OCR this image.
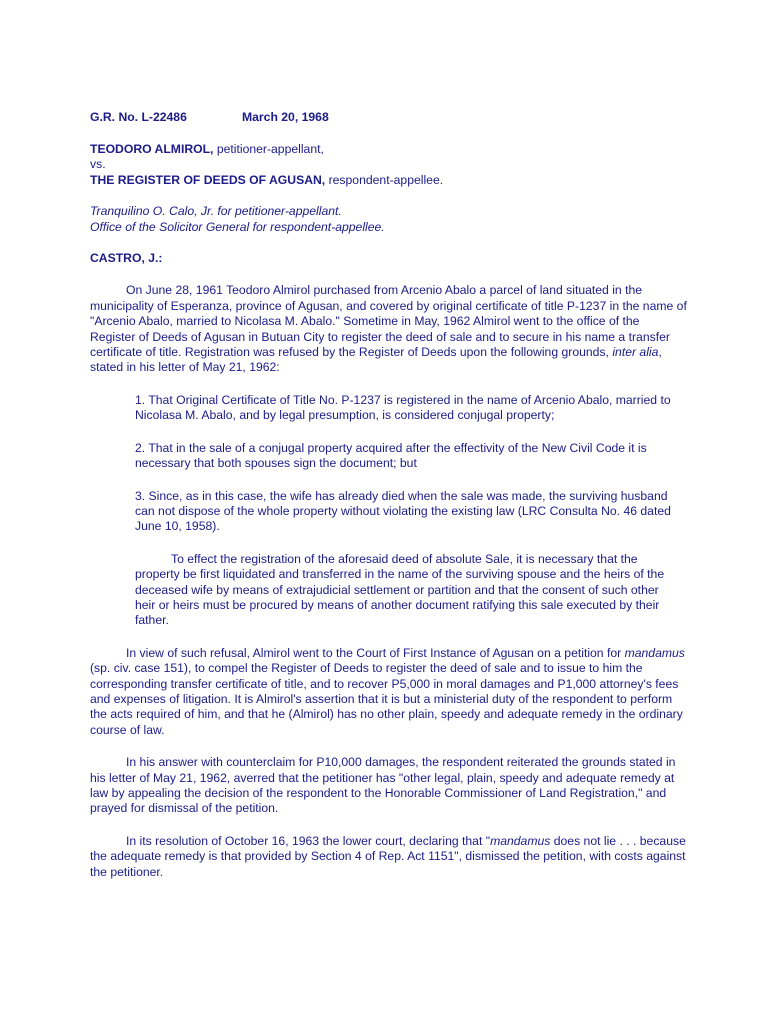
G.R. No. L-22486	March 20, 1968

TEODORO ALMIROL, petitioner-appellant,

vs.

THE REGISTER OF DEEDS OF AGUSAN, respondent-appellee.

Tranquilino O. Calo, Jr. for petitioner-appellant.

Office of the Solicitor General for respondent-appellee.

CASTRO, J.:

On June 28, 1961 Teodoro Almirol purchased from Arcenio Abalo a parcel of land situated in the municipality of Esperanza, province of Agusan, and covered by original certificate of title P-1237 in the name of "Arcenio Abalo, married to Nicolasa M. Abalo." Sometime in May, 1962 Almirol went to the office of the Register of Deeds of Agusan in Butuan City to register the deed of sale and to secure in his name a transfer certificate of title. Registration was refused by the Register of Deeds upon the following grounds, inter alia, stated in his letter of May 21, 1962:

1. That Original Certificate of Title No. P-1237 is registered in the name of Arcenio Abalo, married to Nicolasa M. Abalo, and by legal presumption, is considered conjugal property;

2. That in the sale of a conjugal property acquired after the effectivity of the New Civil Code it is necessary that both spouses sign the document; but

3. Since, as in this case, the wife has already died when the sale was made, the surviving husband can not dispose of the whole property without violating the existing law (LRC Consulta No. 46 dated June 10, 1958).

To effect the registration of the aforesaid deed of absolute Sale, it is necessary that the property be first liquidated and transferred in the name of the surviving spouse and the heirs of the deceased wife by means of extrajudicial settlement or partition and that the consent of such other heir or heirs must be procured by means of another document ratifying this sale executed by their father.

In view of such refusal, Almirol went to the Court of First Instance of Agusan on a petition for mandamus (sp. civ. case 151), to compel the Register of Deeds to register the deed of sale and to issue to him the corresponding transfer certificate of title, and to recover P5,000 in moral damages and P1,000 attorney's fees and expenses of litigation. It is Almirol's assertion that it is but a ministerial duty of the respondent to perform the acts required of him, and that he (Almirol) has no other plain, speedy and adequate remedy in the ordinary course of law.

In his answer with counterclaim for P10,000 damages, the respondent reiterated the grounds stated in his letter of May 21, 1962, averred that the petitioner has "other legal, plain, speedy and adequate remedy at law by appealing the decision of the respondent to the Honorable Commissioner of Land Registration," and prayed for dismissal of the petition.

In its resolution of October 16, 1963 the lower court, declaring that "mandamus does not lie . . . because the adequate remedy is that provided by Section 4 of Rep. Act 1151", dismissed the petition, with costs against the petitioner.
